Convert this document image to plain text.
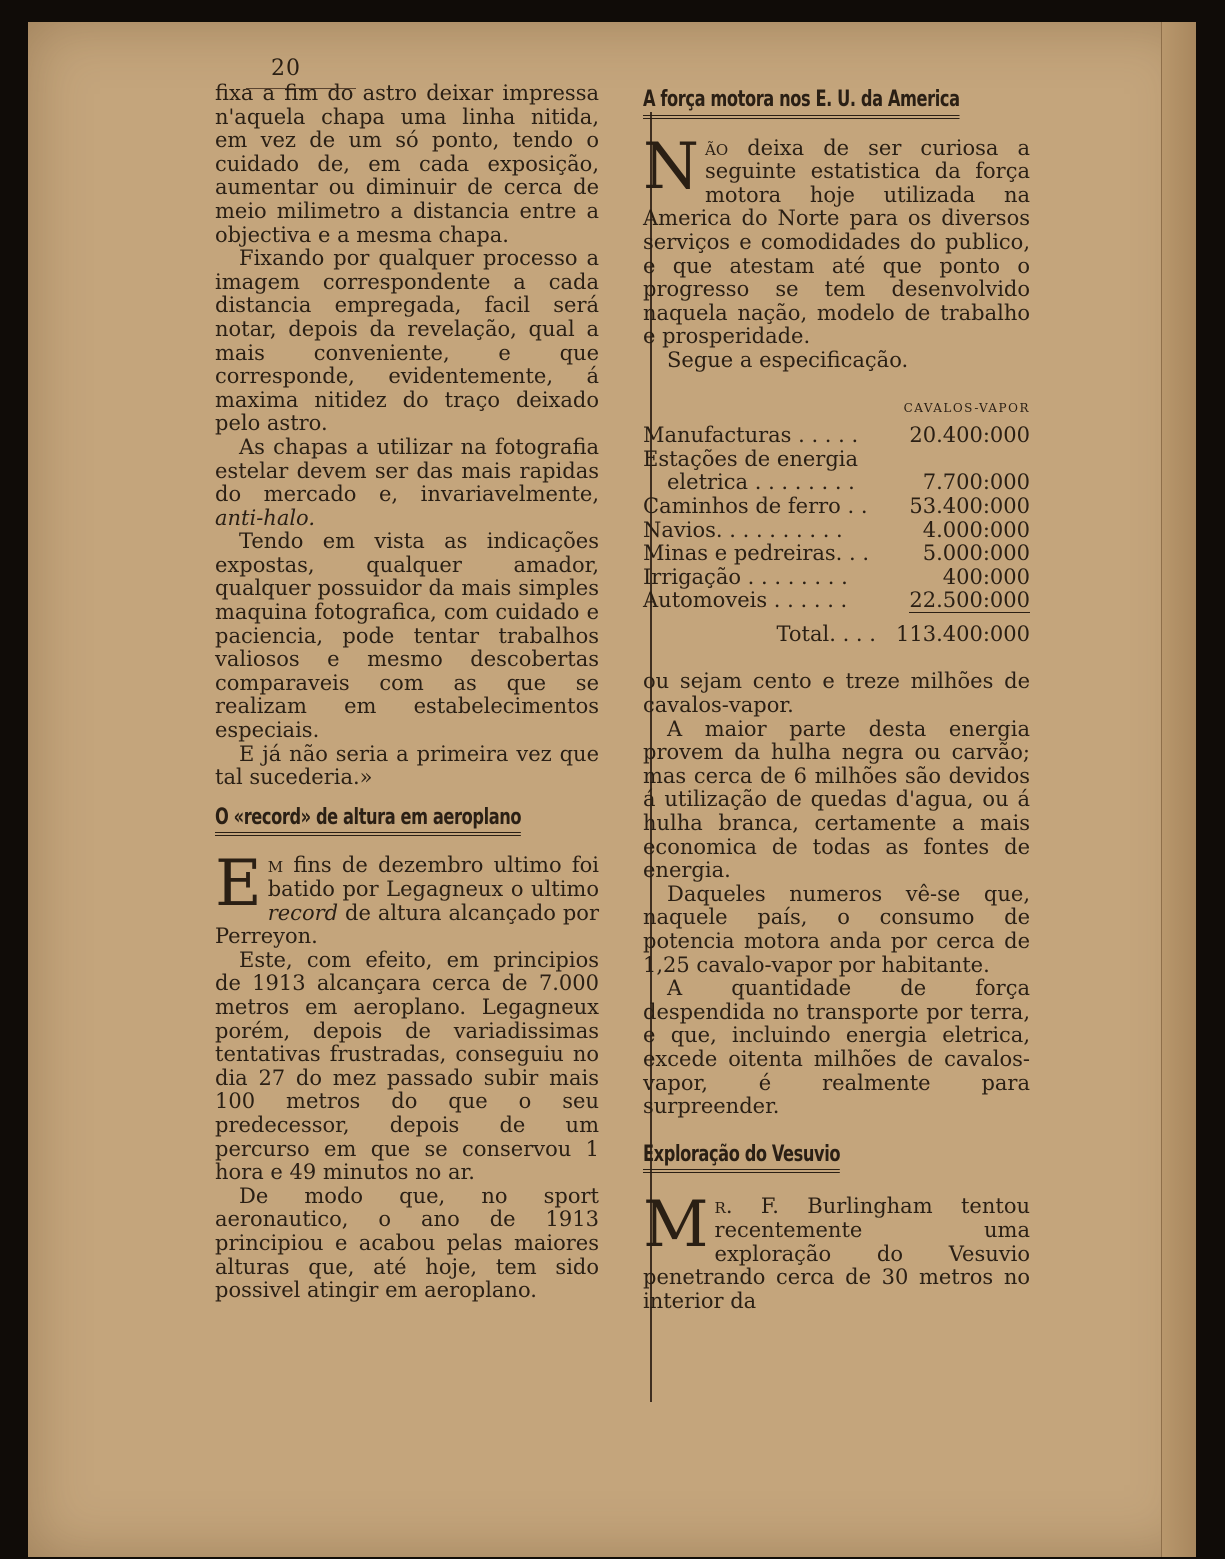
20

fixa a fim do astro deixar impressa n'aquela chapa uma linha nitida, em vez de um só ponto, tendo o cuidado de, em cada exposição, aumentar ou diminuir de cerca de meio milimetro a distancia entre a objectiva e a mesma chapa.

Fixando por qualquer processo a imagem correspondente a cada distancia empregada, facil será notar, depois da revelação, qual a mais conveniente, e que corresponde, evidentemente, á maxima nitidez do traço deixado pelo astro.

As chapas a utilizar na fotografia estelar devem ser das mais rapidas do mercado e, invariavelmente, anti-halo.

Tendo em vista as indicações expostas, qualquer amador, qualquer possuidor da mais simples maquina fotografica, com cuidado e paciencia, pode tentar trabalhos valiosos e mesmo descobertas comparaveis com as que se realizam em estabelecimentos especiais.

E já não seria a primeira vez que tal sucederia.»

O «record» de altura em aeroplano

Em fins de dezembro ultimo foi batido por Legagneux o ultimo record de altura alcançado por Perreyon.

Este, com efeito, em principios de 1913 alcançara cerca de 7.000 metros em aeroplano. Legagneux porém, depois de variadissimas tentativas frustradas, conseguiu no dia 27 do mez passado subir mais 100 metros do que o seu predecessor, depois de um percurso em que se conservou 1 hora e 49 minutos no ar.

De modo que, no sport aeronautico, o ano de 1913 principiou e acabou pelas maiores alturas que, até hoje, tem sido possivel atingir em aeroplano.

A força motora nos E. U. da America

Não deixa de ser curiosa a seguinte estatistica da força motora hoje utilizada na America do Norte para os diversos serviços e comodidades do publico, e que atestam até que ponto o progresso se tem desenvolvido naquela nação, modelo de trabalho e prosperidade.

Segue a especificação.

CAVALOS-VAPOR
Manufacturas . . . . .	20.400:000
Estações de energia	
eletrica . . . . . . . .	7.700:000
Caminhos de ferro . .	53.400:000
Navios. . . . . . . . . .	4.000:000
Minas e pedreiras. . .	5.000:000
Irrigação . . . . . . . .	400:000
Automoveis . . . . . .	22.500:000
Total. . . .	113.400:000

ou sejam cento e treze milhões de cavalos-vapor.

A maior parte desta energia provem da hulha negra ou carvão; mas cerca de 6 milhões são devidos á utilização de quedas d'agua, ou á hulha branca, certamente a mais economica de todas as fontes de energia.

Daqueles numeros vê-se que, naquele país, o consumo de potencia motora anda por cerca de 1,25 cavalo-vapor por habitante.

A quantidade de força despendida no transporte por terra, e que, incluindo energia eletrica, excede oitenta milhões de cavalos-vapor, é realmente para surpreender.

Exploração do Vesuvio

Mr. F. Burlingham tentou recentemente uma exploração do Vesuvio penetrando cerca de 30 metros no interior da
